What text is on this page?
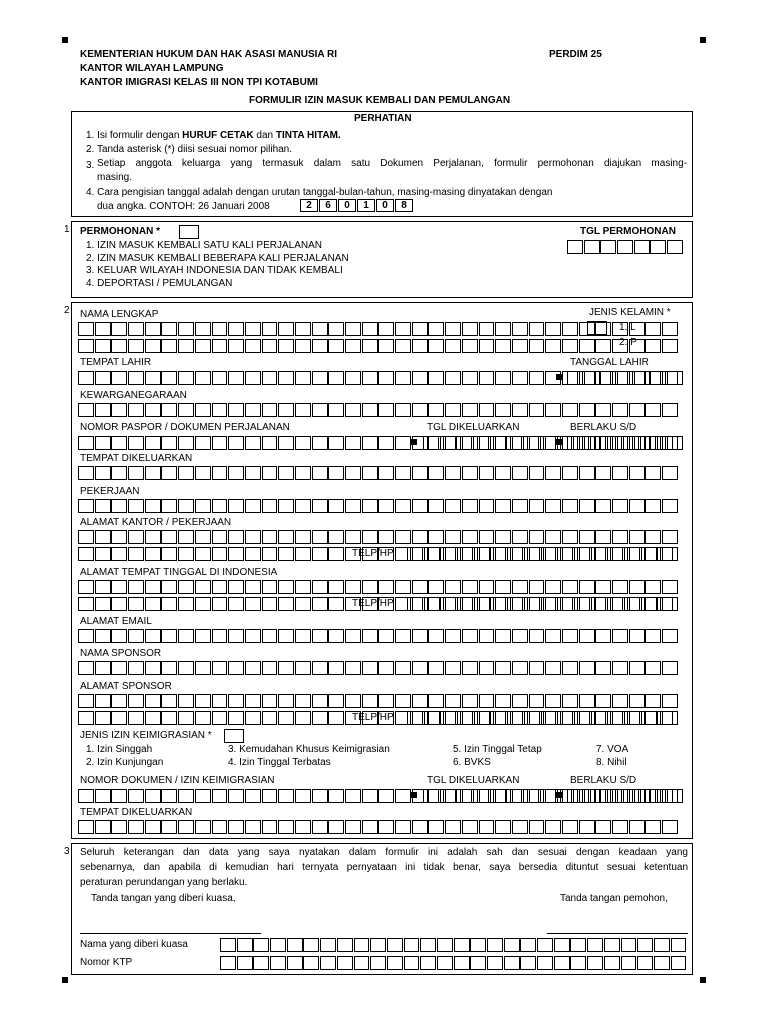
KEMENTERIAN HUKUM DAN HAK ASASI MANUSIA RI
KANTOR WILAYAH LAMPUNG
KANTOR IMIGRASI KELAS III NON TPI KOTABUMI
PERDIM 25
FORMULIR IZIN MASUK KEMBALI DAN PEMULANGAN
PERHATIAN
1. Isi formulir dengan HURUF CETAK dan TINTA HITAM.
2. Tanda asterisk (*) diisi sesuai nomor pilihan.
3. Setiap anggota keluarga yang termasuk dalam satu Dokumen Perjalanan, formulir permohonan diajukan masing-
masing.
4. Cara pengisian tanggal adalah dengan urutan tanggal-bulan-tahun, masing-masing dinyatakan dengan
dua angka. CONTOH: 26 Januari 2008	2	6	0	1	0	8
1 PERMOHONAN *	TGL PERMOHONAN
1. IZIN MASUK KEMBALI SATU KALI PERJALANAN
2. IZIN MASUK KEMBALI BEBERAPA KALI PERJALANAN
3. KELUAR WILAYAH INDONESIA DAN TIDAK KEMBALI
4. DEPORTASI / PEMULANGAN
2 NAMA LENGKAP	JENIS KELAMIN *
1. L
2. P
TEMPAT LAHIR	TANGGAL LAHIR
KEWARGANEGARAAN
NOMOR PASPOR / DOKUMEN PERJALANAN	TGL DIKELUARKAN	BERLAKU S/D
TEMPAT DIKELUARKAN
PEKERJAAN
ALAMAT KANTOR / PEKERJAAN
TELP/HP
ALAMAT TEMPAT TINGGAL DI INDONESIA
TELP/HP
ALAMAT EMAIL
NAMA SPONSOR
ALAMAT SPONSOR
TELP/HP
JENIS IZIN KEIMIGRASIAN *
1. Izin Singgah
2. Izin Kunjungan
3. Kemudahan Khusus Keimigrasian
4. Izin Tinggal Terbatas
5. Izin Tinggal Tetap
6. BVKS
7. VOA
8. Nihil
NOMOR DOKUMEN / IZIN KEIMIGRASIAN	TGL DIKELUARKAN	BERLAKU S/D
TEMPAT DIKELUARKAN
3 Seluruh keterangan dan data yang saya nyatakan dalam formulir ini adalah sah dan sesuai dengan keadaan yang
sebenarnya, dan apabila di kemudian hari ternyata pernyataan ini tidak benar, saya bersedia dituntut sesuai ketentuan
peraturan perundangan yang berlaku.
Tanda tangan yang diberi kuasa,	Tanda tangan pemohon,
Nama yang diberi kuasa
Nomor KTP
